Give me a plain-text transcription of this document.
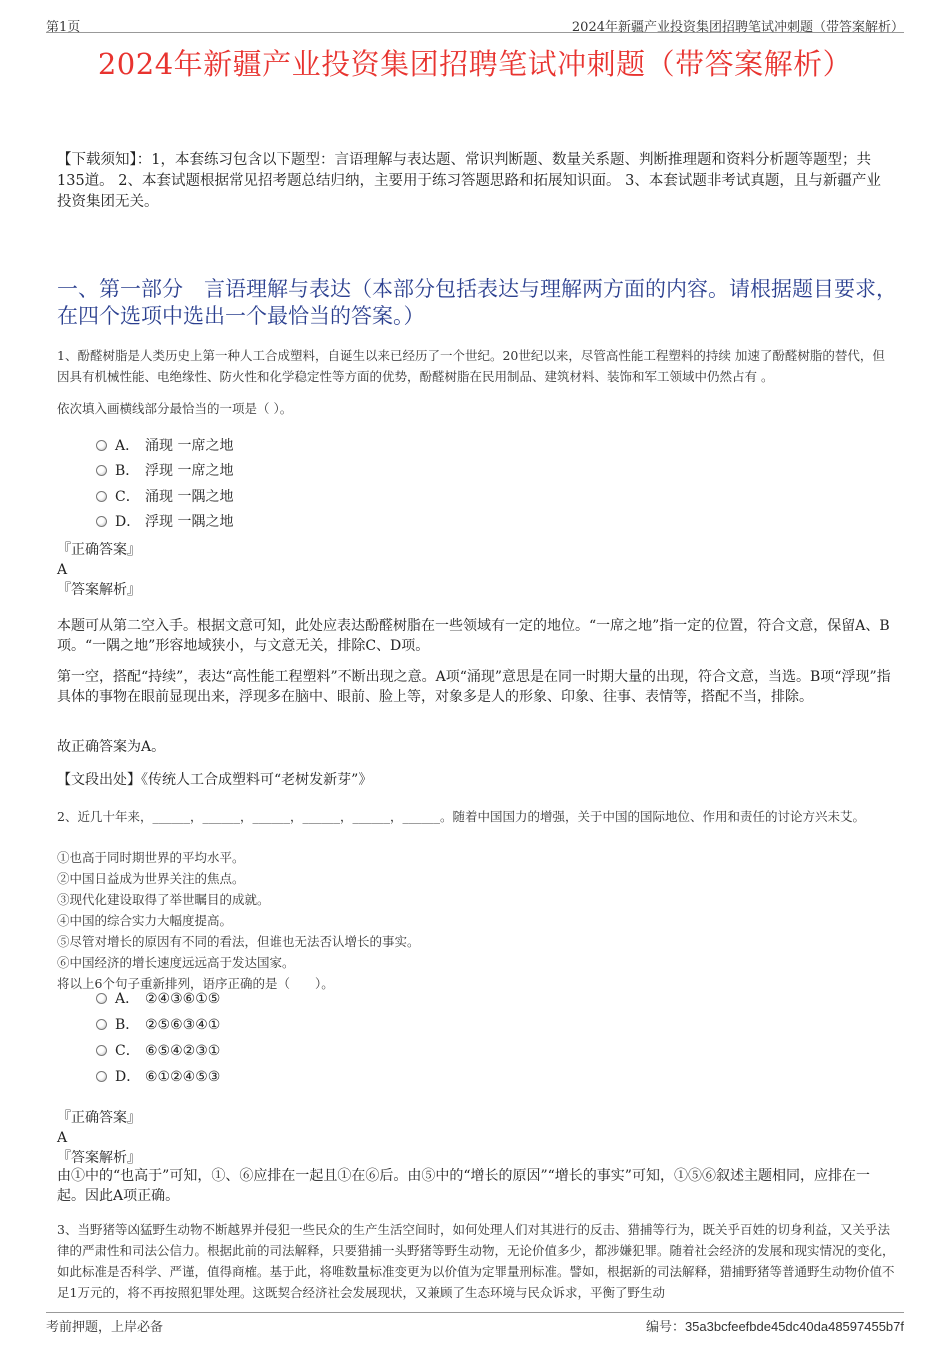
第1页	2024年新疆产业投资集团招聘笔试冲刺题（带答案解析）
2024年新疆产业投资集团招聘笔试冲刺题（带答案解析）
【下载须知】：1，本套练习包含以下题型：言语理解与表达题、常识判断题、数量关系题、判断推理题和资料分析题等题型；共135道。 2、本套试题根据常见招考题总结归纳，主要用于练习答题思路和拓展知识面。 3、本套试题非考试真题，且与新疆产业投资集团无关。
一、第一部分　言语理解与表达（本部分包括表达与理解两方面的内容。请根据题目要求，在四个选项中选出一个最恰当的答案。）
1、酚醛树脂是人类历史上第一种人工合成塑料，自诞生以来已经历了一个世纪。20世纪以来，尽管高性能工程塑料的持续 加速了酚醛树脂的替代，但因具有机械性能、电绝缘性、防火性和化学稳定性等方面的优势，酚醛树脂在民用制品、建筑材料、装饰和军工领域中仍然占有 。
依次填入画横线部分最恰当的一项是（ ）。
A． 涌现 一席之地
B． 浮现 一席之地
C． 涌现 一隅之地
D． 浮现 一隅之地
『正确答案』
A
『答案解析』
本题可从第二空入手。根据文意可知，此处应表达酚醛树脂在一些领域有一定的地位。“一席之地”指一定的位置，符合文意，保留A、B项。“一隅之地”形容地域狭小，与文意无关，排除C、D项。
第一空，搭配“持续”，表达“高性能工程塑料”不断出现之意。A项“涌现”意思是在同一时期大量的出现，符合文意，当选。B项“浮现”指具体的事物在眼前显现出来，浮现多在脑中、眼前、脸上等，对象多是人的形象、印象、往事、表情等，搭配不当，排除。
故正确答案为A。
【文段出处】《传统人工合成塑料可“老树发新芽”》
2、近几十年来，______，______，______，______，______，______。随着中国国力的增强，关于中国的国际地位、作用和责任的讨论方兴未艾。

①也高于同时期世界的平均水平。

②中国日益成为世界关注的焦点。

③现代化建设取得了举世瞩目的成就。

④中国的综合实力大幅度提高。

⑤尽管对增长的原因有不同的看法，但谁也无法否认增长的事实。

⑥中国经济的增长速度远远高于发达国家。

将以上6个句子重新排列，语序正确的是（　　）。

A． ②④③⑥①⑤
B． ②⑤⑥③④①
C． ⑥⑤④②③①
D． ⑥①②④⑤③
『正确答案』
A
『答案解析』
由①中的“也高于”可知，①、⑥应排在一起且①在⑥后。由⑤中的“增长的原因”“增长的事实”可知，①⑤⑥叙述主题相同，应排在一起。因此A项正确。
3、当野猪等凶猛野生动物不断越界并侵犯一些民众的生产生活空间时，如何处理人们对其进行的反击、猎捕等行为，既关乎百姓的切身利益，又关乎法律的严肃性和司法公信力。根据此前的司法解释，只要猎捕一头野猪等野生动物，无论价值多少，都涉嫌犯罪。随着社会经济的发展和现实情况的变化，如此标准是否科学、严谨，值得商榷。基于此，将唯数量标准变更为以价值为定罪量刑标准。譬如，根据新的司法解释，猎捕野猪等普通野生动物价值不足1万元的，将不再按照犯罪处理。这既契合经济社会发展现状，又兼顾了生态环境与民众诉求，平衡了野生动
考前押题，上岸必备	编号：35a3bcfeefbde45dc40da48597455b7f
